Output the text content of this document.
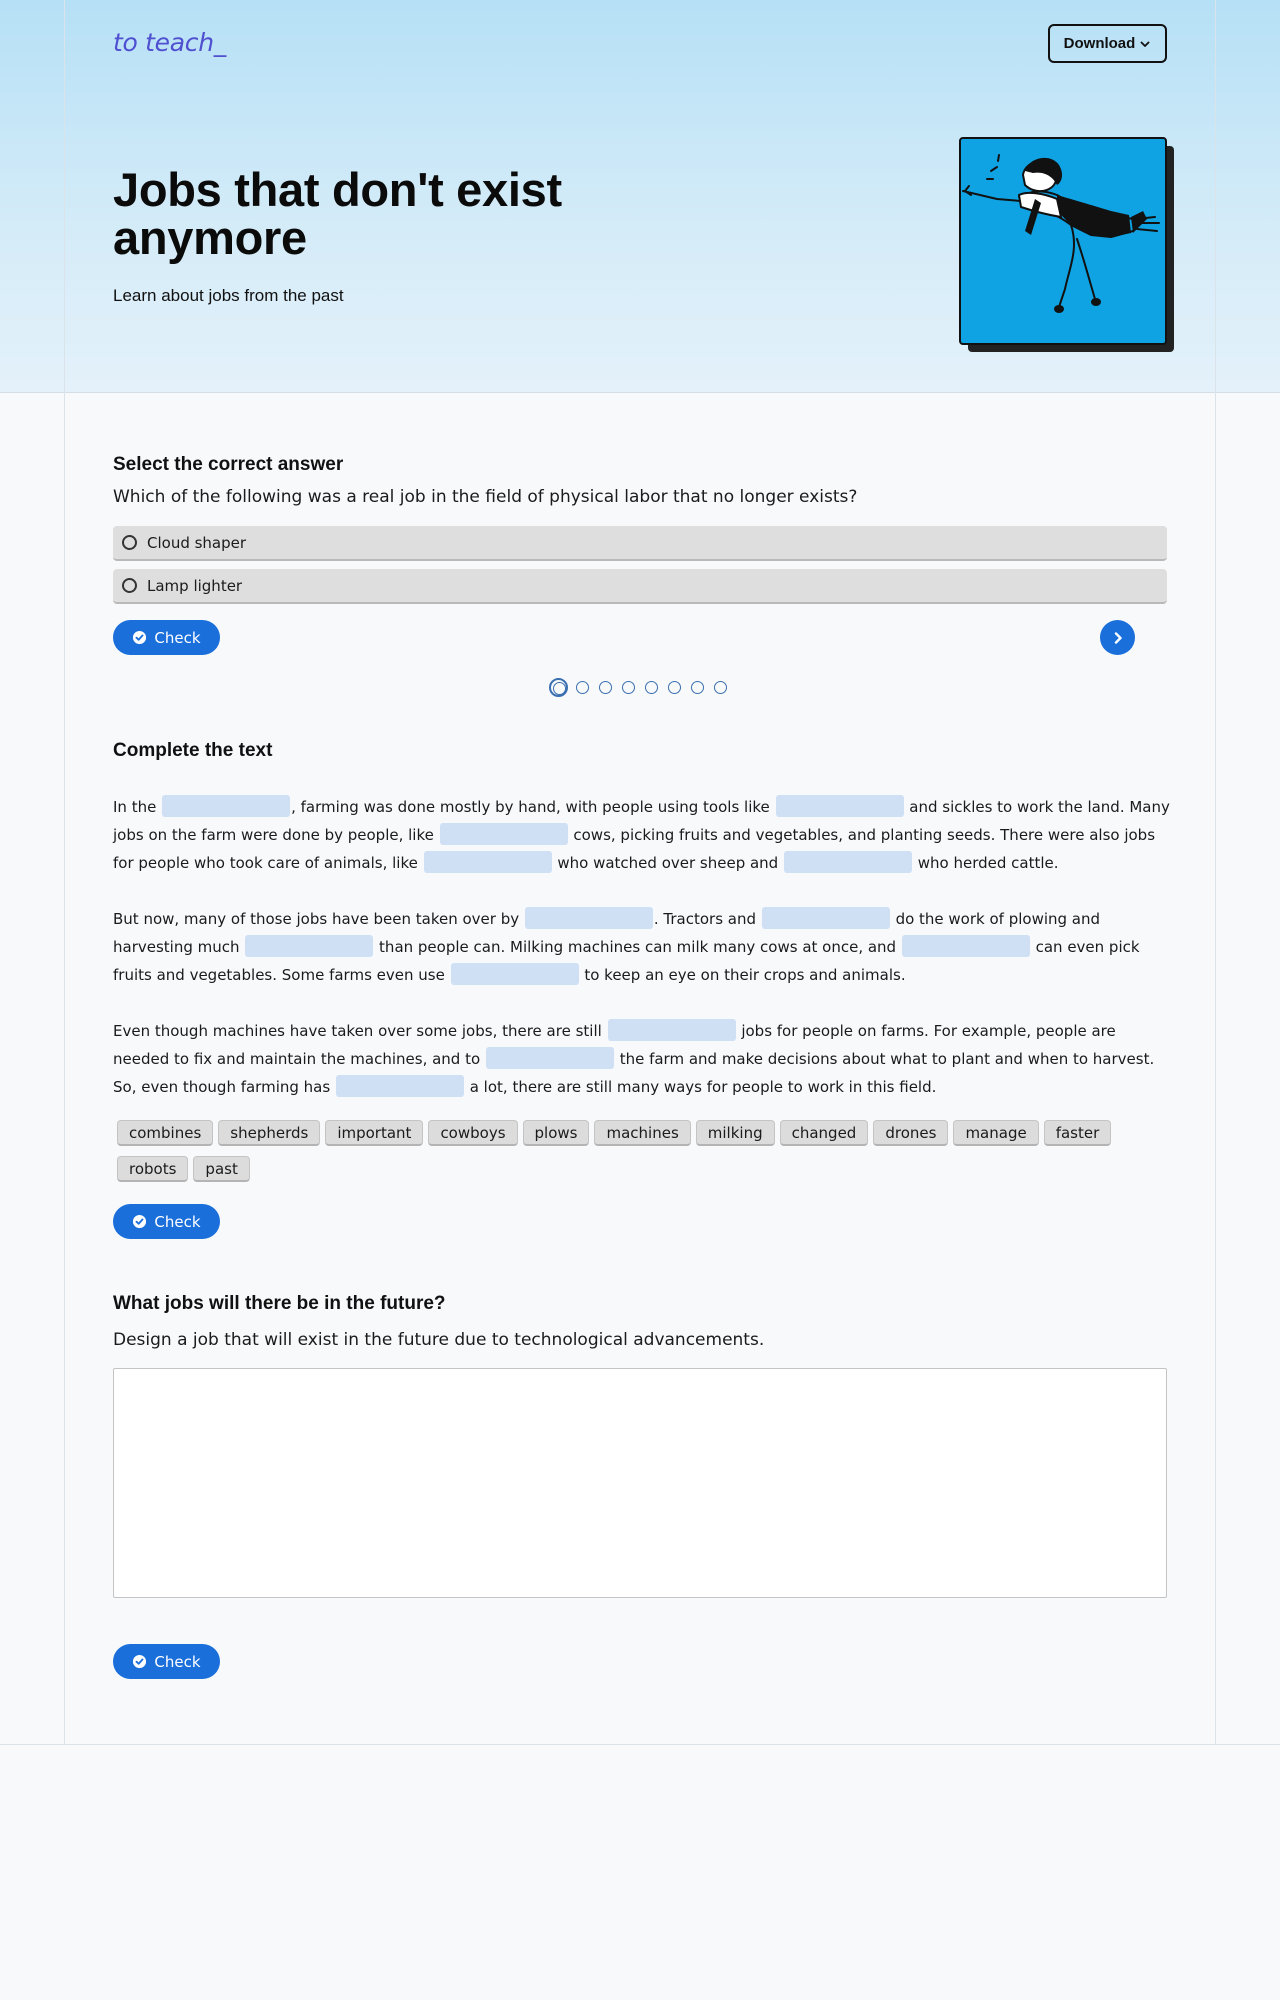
to teach_	Download
Jobs that don't exist anymore

Learn about jobs from the past

Select the correct answer

Which of the following was a real job in the field of physical labor that no longer exists?

Cloud shaper
Lamp lighter
Check
Complete the text

In the	, farming was done mostly by hand, with people using tools like	and sickles to work the land. Many jobs on the farm were done by people, like	cows, picking fruits and vegetables, and planting seeds. There were also jobs for people who took care of animals, like	who watched over sheep and	who herded cattle.

But now, many of those jobs have been taken over by	. Tractors and	do the work of plowing and harvesting much	than people can. Milking machines can milk many cows at once, and	can even pick fruits and vegetables. Some farms even use	to keep an eye on their crops and animals.

Even though machines have taken over some jobs, there are still	jobs for people on farms. For example, people are needed to fix and maintain the machines, and to	the farm and make decisions about what to plant and when to harvest. So, even though farming has	a lot, there are still many ways for people to work in this field.

combines shepherds important cowboys plows machines milking changed drones manage fasterrobots past
Check
What jobs will there be in the future?

Design a job that will exist in the future due to technological advancements.

Check
